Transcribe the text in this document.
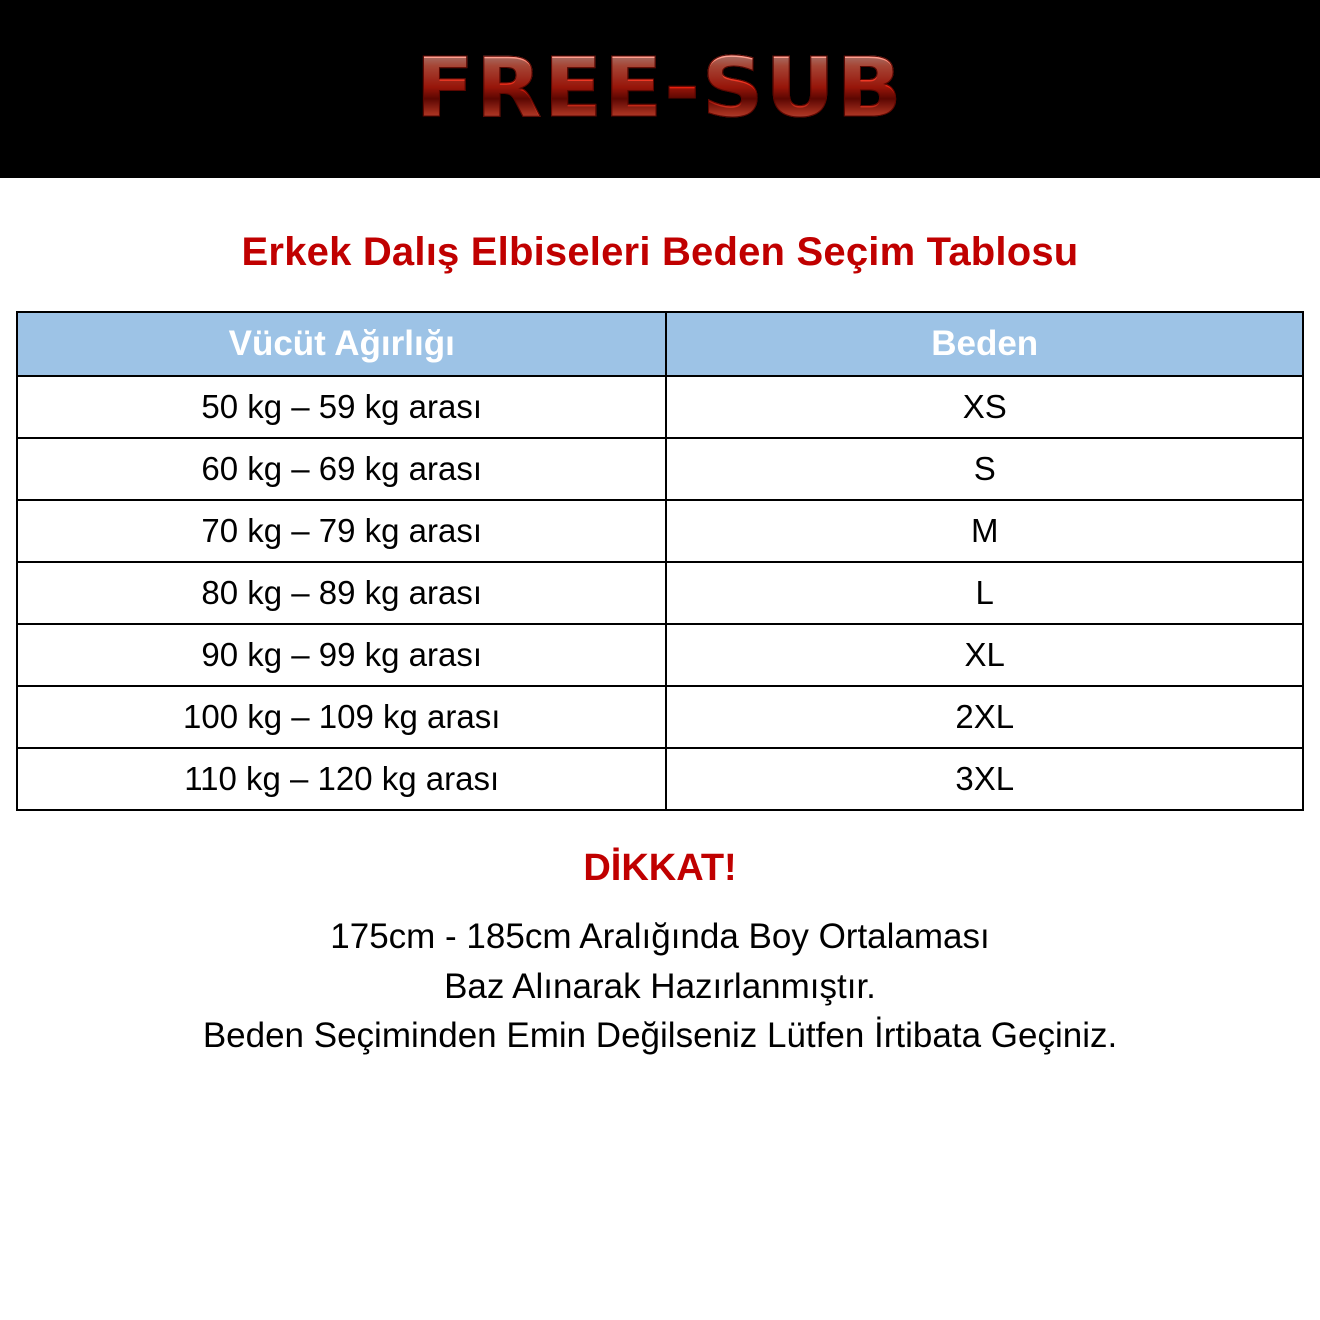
FREE-SUB
Erkek Dalış Elbiseleri Beden Seçim Tablosu
Vücüt Ağırlığı	Beden
50 kg – 59 kg arası	XS
60 kg – 69 kg arası	S
70 kg – 79 kg arası	M
80 kg – 89 kg arası	L
90 kg – 99 kg arası	XL
100 kg – 109 kg arası	2XL
110 kg – 120 kg arası	3XL
DİKKAT!
175cm - 185cm Aralığında Boy Ortalaması
Baz Alınarak Hazırlanmıştır.
Beden Seçiminden Emin Değilseniz Lütfen İrtibata Geçiniz.
